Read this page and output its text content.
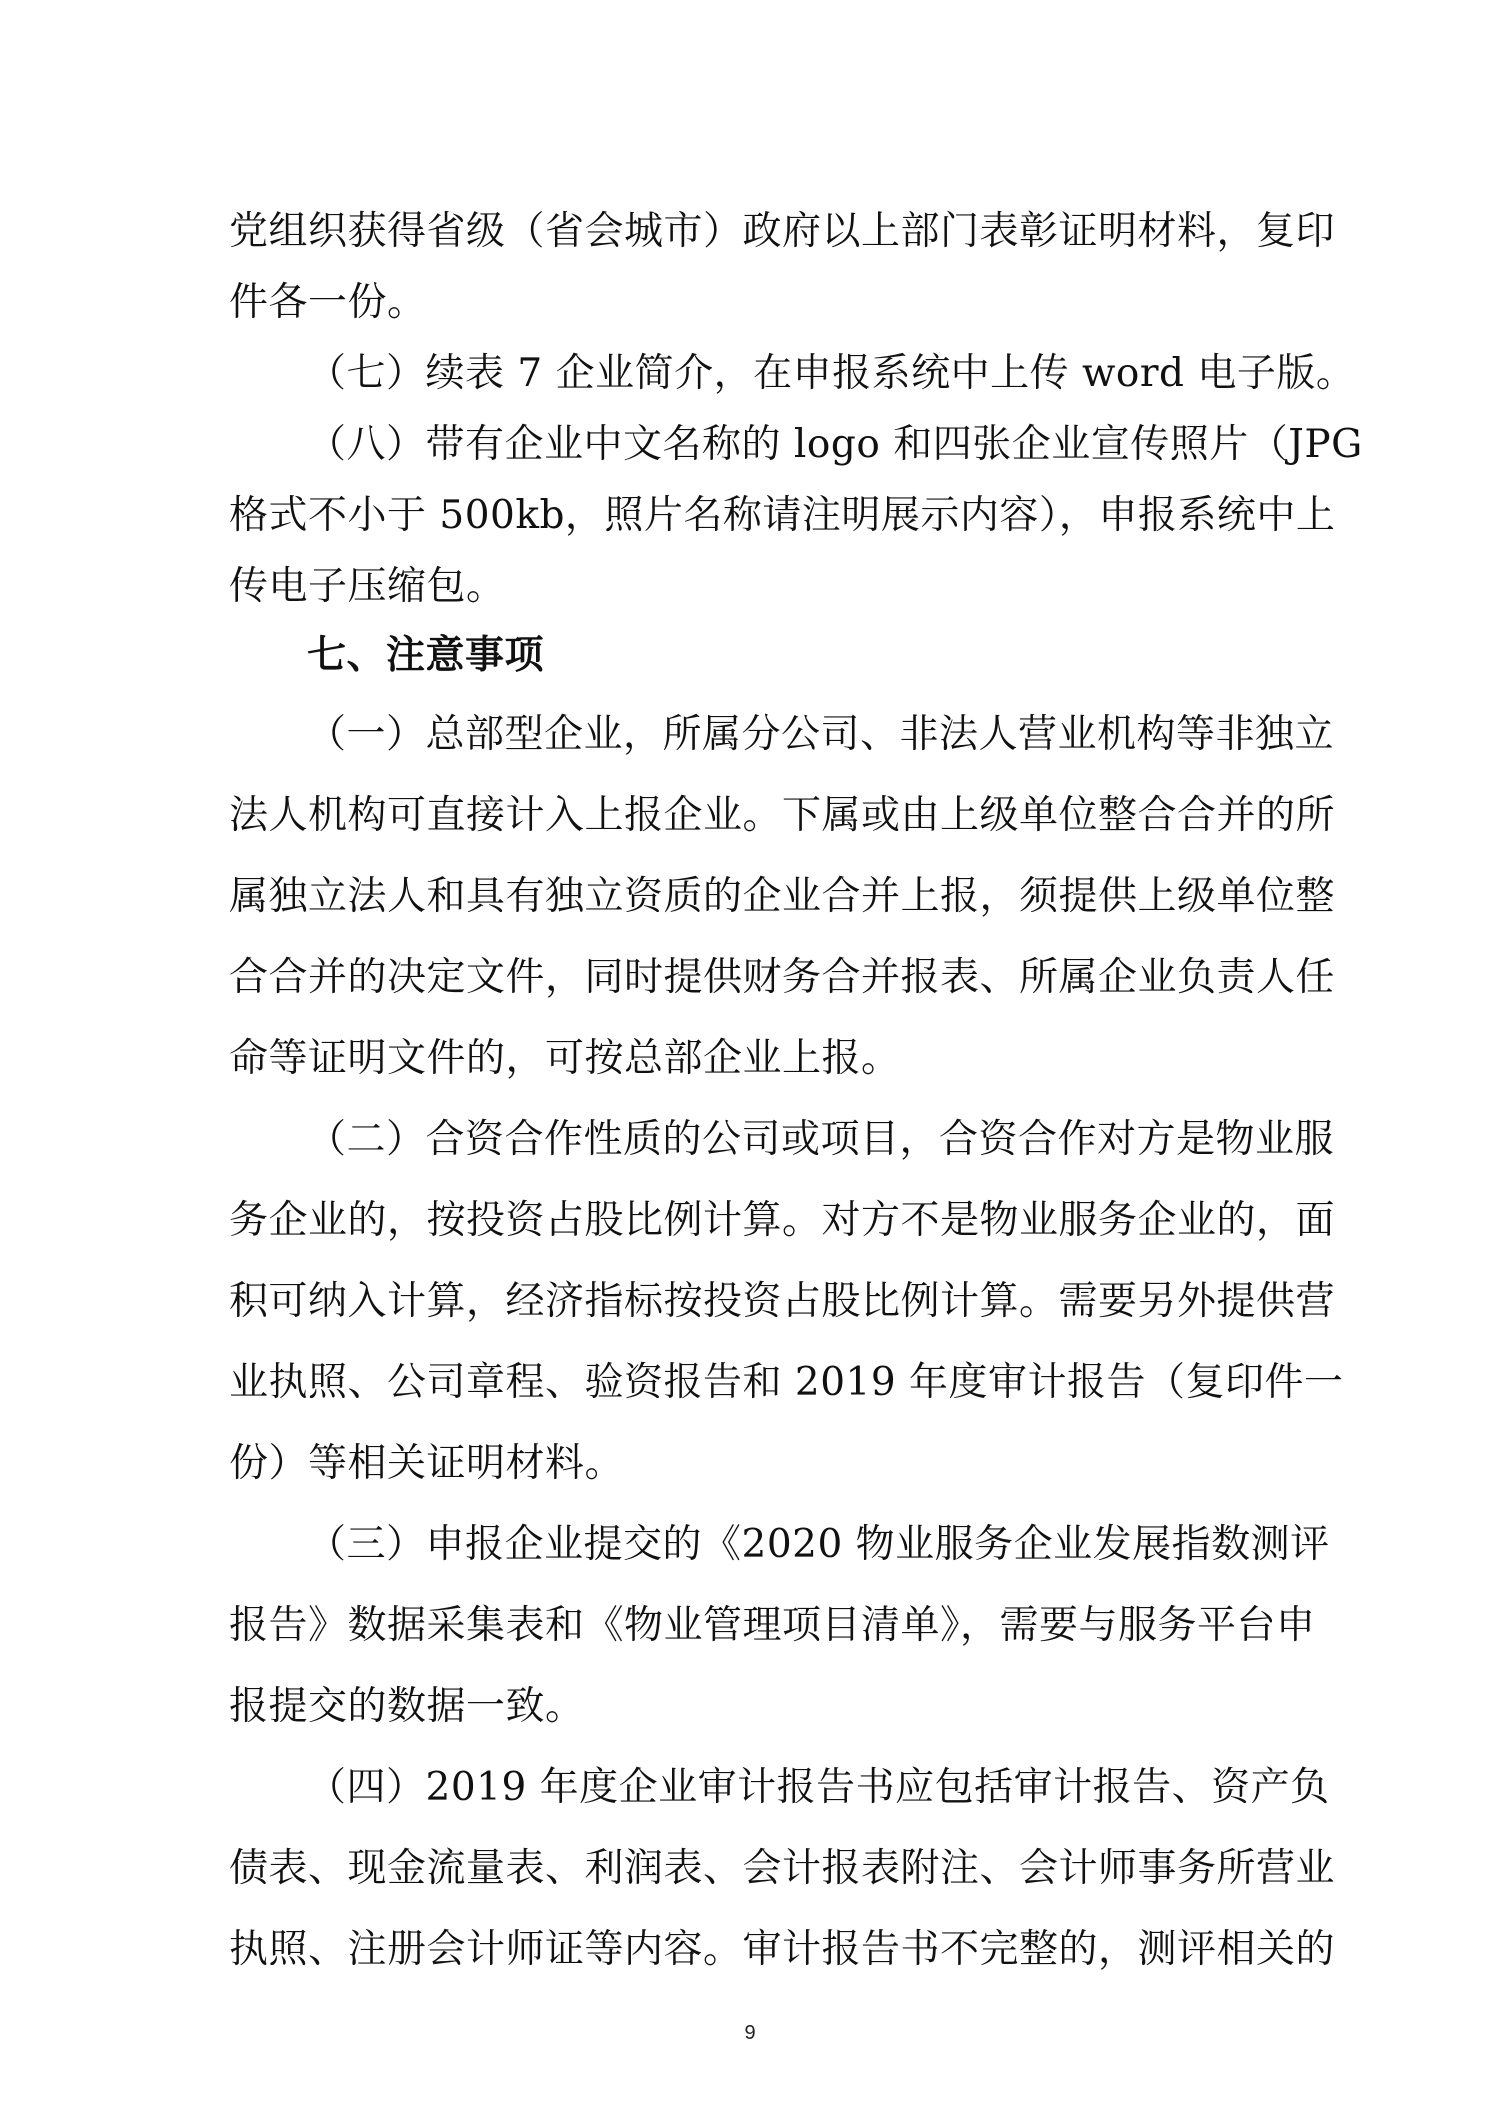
党组织获得省级（省会城市）政府以上部门表彰证明材料，复印
件各一份。
（七）续表 7 企业简介，在申报系统中上传 word 电子版。
（八）带有企业中文名称的 logo 和四张企业宣传照片（JPG
格式不小于 500kb，照片名称请注明展示内容），申报系统中上
传电子压缩包。
七、注意事项
（一）总部型企业，所属分公司、非法人营业机构等非独立
法人机构可直接计入上报企业。下属或由上级单位整合合并的所
属独立法人和具有独立资质的企业合并上报，须提供上级单位整
合合并的决定文件，同时提供财务合并报表、所属企业负责人任
命等证明文件的，可按总部企业上报。
（二）合资合作性质的公司或项目，合资合作对方是物业服
务企业的，按投资占股比例计算。对方不是物业服务企业的，面
积可纳入计算，经济指标按投资占股比例计算。需要另外提供营
业执照、公司章程、验资报告和 2019 年度审计报告（复印件一
份）等相关证明材料。
（三）申报企业提交的《2020 物业服务企业发展指数测评
报告》数据采集表和《物业管理项目清单》，需要与服务平台申
报提交的数据一致。
（四）2019 年度企业审计报告书应包括审计报告、资产负
债表、现金流量表、利润表、会计报表附注、会计师事务所营业
执照、注册会计师证等内容。审计报告书不完整的，测评相关的
9
